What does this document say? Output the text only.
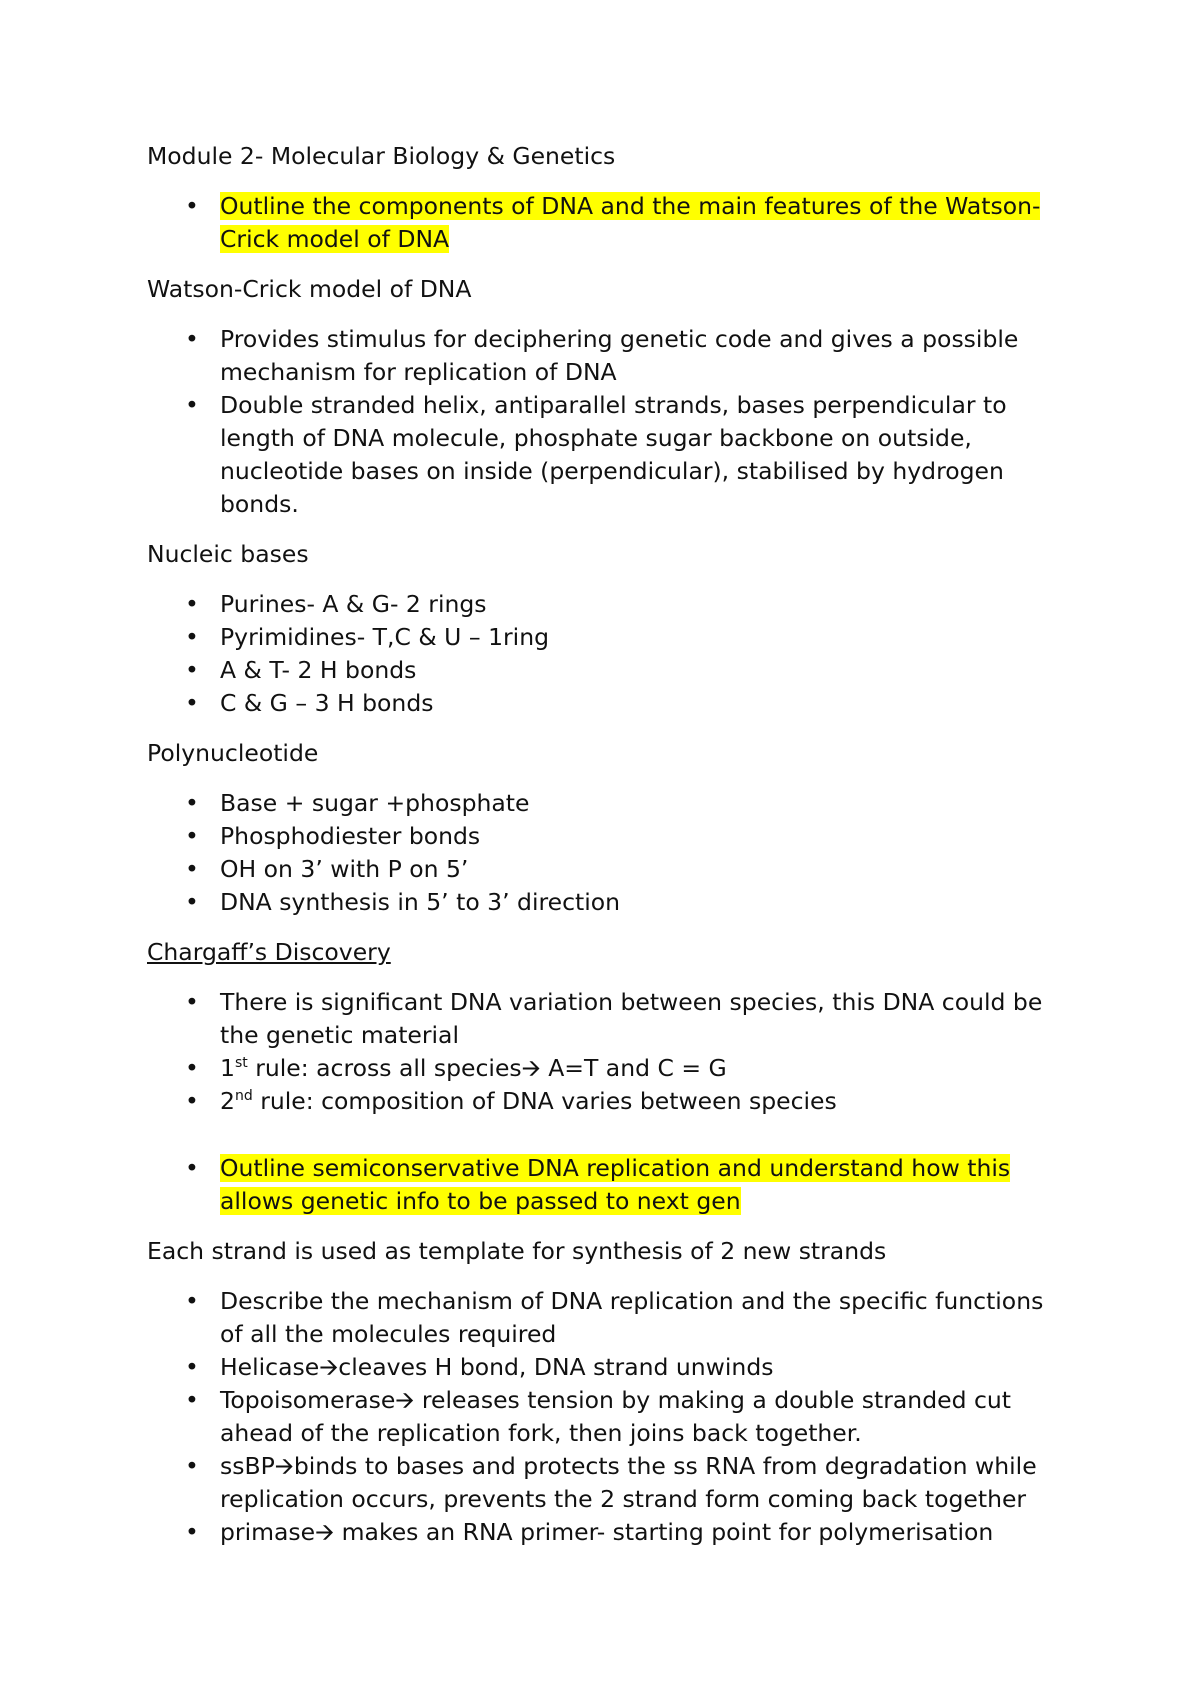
Module 2- Molecular Biology & Genetics

• Outline the components of DNA and the main features of the Watson-Crick model of DNA

Watson-Crick model of DNA

• Provides stimulus for deciphering genetic code and gives a possible mechanism for replication of DNA
• Double stranded helix, antiparallel strands, bases perpendicular to length of DNA molecule, phosphate sugar backbone on outside, nucleotide bases on inside (perpendicular), stabilised by hydrogen bonds.

Nucleic bases

• Purines- A & G- 2 rings
• Pyrimidines- T,C & U – 1ring
• A & T- 2 H bonds
• C & G – 3 H bonds

Polynucleotide

• Base + sugar +phosphate
• Phosphodiester bonds
• OH on 3’ with P on 5’
• DNA synthesis in 5’ to 3’ direction

Chargaff’s Discovery

• There is significant DNA variation between species, this DNA could be the genetic material
• 1st rule: across all species🡪 A=T and C = G
• 2nd rule: composition of DNA varies between species
• Outline semiconservative DNA replication and understand how this allows genetic info to be passed to next gen

Each strand is used as template for synthesis of 2 new strands

• Describe the mechanism of DNA replication and the specific functions of all the molecules required
• Helicase🡪cleaves H bond, DNA strand unwinds
• Topoisomerase🡪 releases tension by making a double stranded cut ahead of the replication fork, then joins back together.
• ssBP🡪binds to bases and protects the ss RNA from degradation while replication occurs, prevents the 2 strand form coming back together
• primase🡪 makes an RNA primer- starting point for polymerisation
